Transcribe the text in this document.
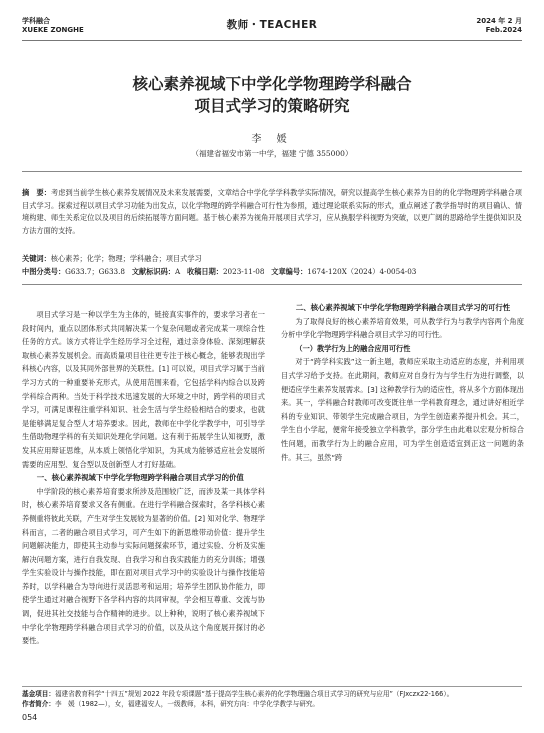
学科融合
XUEKE ZONGHE	教师・TEACHER	2024 年 2 月
Feb.2024
核心素养视域下中学化学物理跨学科融合
项目式学习的策略研究
李 媛
（福建省福安市第一中学，福建 宁德 355000）
摘　要：考虑到当前学生核心素养发展情况及未来发展需要，文章结合中学化学学科教学实际情况，研究以提高学生核心素养为目的的化学物理跨学科融合项目式学习。探索过程以项目式学习功能为出发点，以化学物理的跨学科融合可行性为参照，通过理论联系实际的形式，重点阐述了教学指导时的项目确认、情境构建、师生关系定位以及项目的后续拓展等方面问题。基于核心素养为视角开展项目式学习，应从换服学科视野为突破，以更广阔的思路给学生提供知识及方法方面的支持。
关键词：核心素养；化学；物理；学科融合；项目式学习
中图分类号：G633.7；G633.8 文献标识码：A 收稿日期：2023-11-08 文章编号：1674-120X（2024）4-0054-03

项目式学习是一种以学生为主体的，链接真实事件的，要求学习者在一段时间内，重点以团体形式共同解决某一个复杂问题或者完成某一项综合性任务的方式。该方式将让学生经历学习全过程，通过亲身体验、深刻理解获取核心素养发展机会。而高质量项目往往更专注于核心概念，能够表现出学科核心内容，以及其同外部世界的关联性。[1] 可以说，项目式学习属于当前学习方式的一种重要补充形式，从使用范围来看，它包括学科内综合以及跨学科综合两种。当处于科学技术迅速发展的大环境之中时，跨学科的项目式学习，可满足课程注重学科知识、社会生活与学生经验相结合的要求，也就是能够满足复合型人才培养要求。因此，教师在中学化学教学中，可引导学生借助物理学科的有关知识处理化学问题。这有利于拓展学生认知视野，激发其应用辩证思维，从本质上领悟化学知识，为其成为能够适应社会发展所需要的应用型、复合型以及创新型人才打好基础。

一、核心素养视域下中学化学物理跨学科融合项目式学习的价值

中学阶段的核心素养培育要求所涉及范围较广泛，而涉及某一具体学科时，核心素养培育要求又各有侧重。在进行学科融合探索时，各学科核心素养侧重将彼此关联，产生对学生发展较为显著的价值。[2] 知对化学、物理学科而言，二者的融合项目式学习，可产生如下的新思维带动价值：提升学生问题解决能力，即使其主动参与实际问题探索环节，通过实验、分析及实施解决问题方案，进行自我发现、自我学习和自我实践能力的充分训练；增强学生实验设计与操作技能，即在面对项目式学习中的实验设计与操作技能培养时，以学科融合为导向进行灵活思考和运用；培养学生团队协作能力，即使学生通过对融合视野下各学科内容的共同审视，学会相互尊重、交流与协调，促进其社交技能与合作精神的进步。以上种种，说明了核心素养视域下中学化学物理跨学科融合项目式学习的价值，以及从这个角度展开探讨的必要性。

二、核心素养视域下中学化学物理跨学科融合项目式学习的可行性

为了取得良好的核心素养培育效果，可从教学行为与教学内容两个角度分析中学化学物理跨学科融合项目式学习的可行性。

（一）教学行为上的融合应用可行性

对于“跨学科实践”这一新主题，教师应采取主动适应的态度，并利用项目式学习给予支持。在此期间，教师应对自身行为与学生行为进行调整，以便适应学生素养发展需求。[3] 这种教学行为的适应性，将从多个方面体现出来。其一，学科融合时教师可改变既往单一学科教育理念，通过讲好相近学科的专业知识、带领学生完成融合项目，为学生创造素养提升机会。其二，学生自小学起，便常年接受独立学科教学，部分学生由此难以宏观分析综合性问题，而教学行为上的融合应用，可为学生创造适宜到正这一问题的条件。其三，虽然“跨

基金项目：福建省教育科学“十四五”规划 2022 年段专项课题“基于提高学生核心素养的化学物理融合项目式学习的研究与应用”（FJxczx22-166）。
作者简介：李　媛（1982—），女，福建福安人，一级教师，本科，研究方向：中学化学教学与研究。
054
